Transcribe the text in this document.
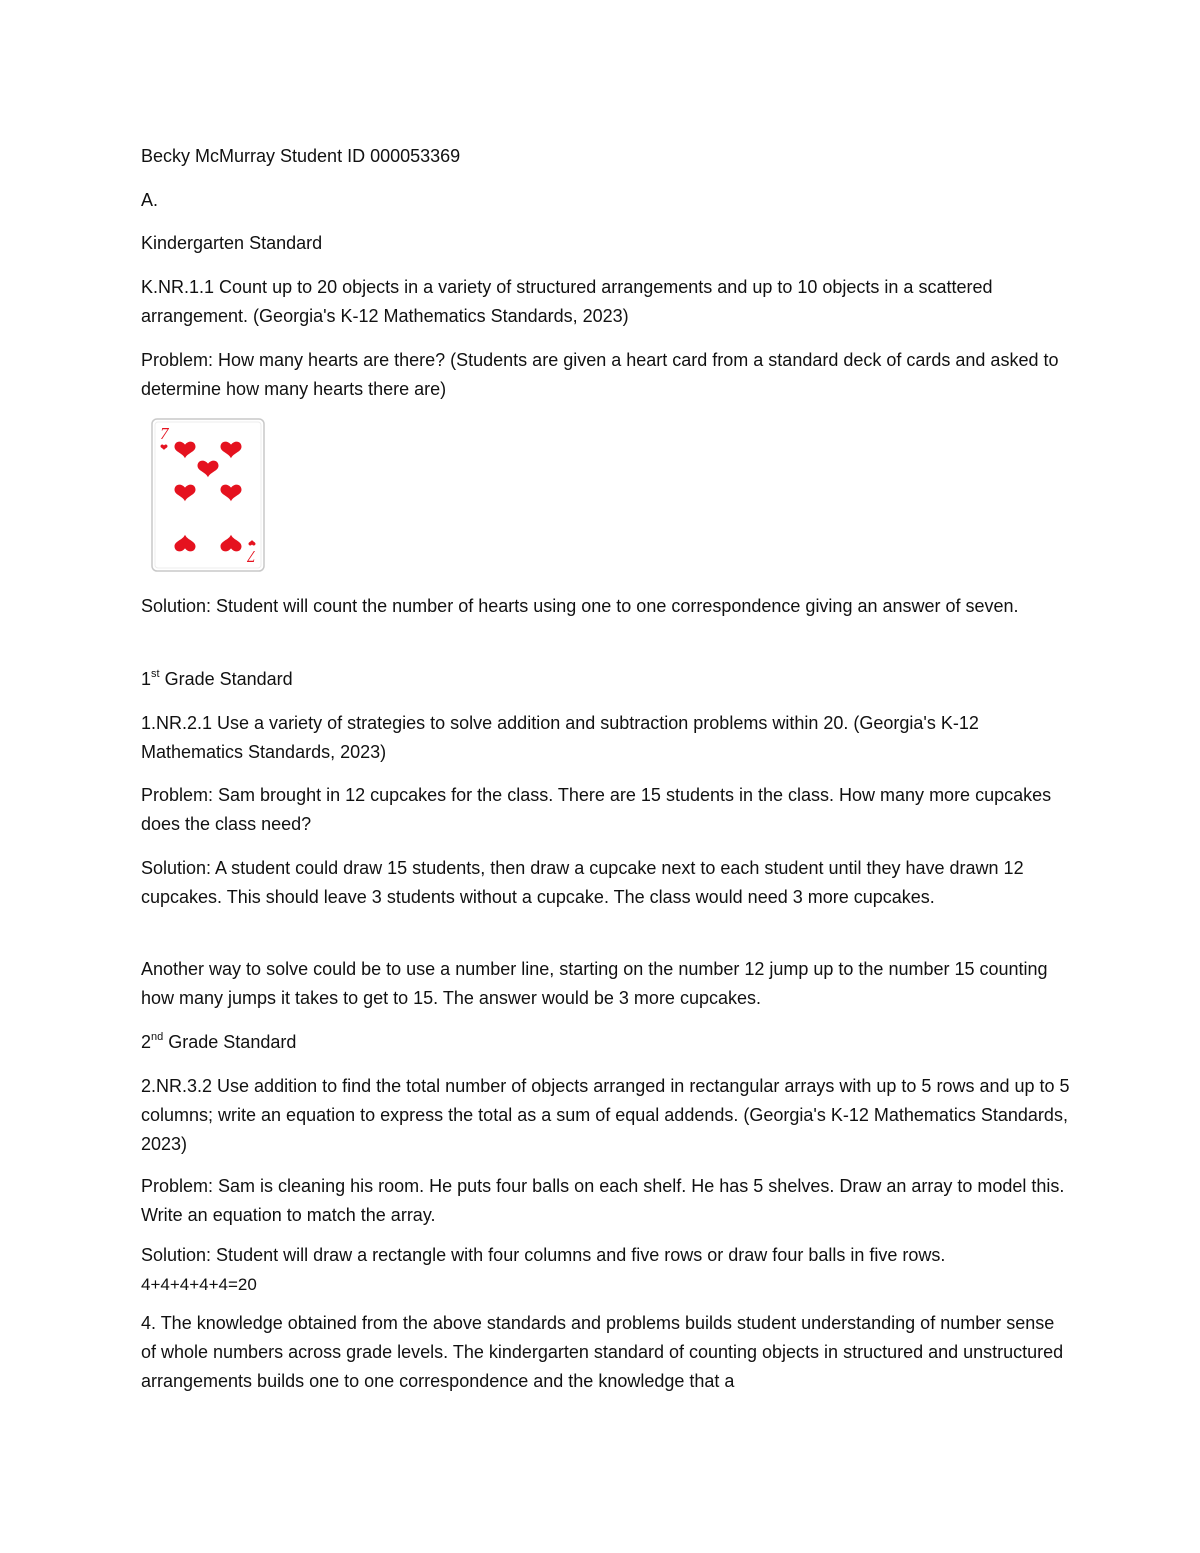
Becky McMurray Student ID 000053369
A.
Kindergarten Standard
K.NR.1.1 Count up to 20 objects in a variety of structured arrangements and up to 10 objects in a scattered arrangement. (Georgia's K-12 Mathematics Standards, 2023)
Problem: How many hearts are there? (Students are given a heart card from a standard deck of cards and asked to determine how many hearts there are)
7
7
Solution: Student will count the number of hearts using one to one correspondence giving an answer of seven.
1st Grade Standard
1.NR.2.1 Use a variety of strategies to solve addition and subtraction problems within 20. (Georgia's K-12 Mathematics Standards, 2023)
Problem: Sam brought in 12 cupcakes for the class. There are 15 students in the class. How many more cupcakes does the class need?
Solution: A student could draw 15 students, then draw a cupcake next to each student until they have drawn 12 cupcakes. This should leave 3 students without a cupcake. The class would need 3 more cupcakes.
Another way to solve could be to use a number line, starting on the number 12 jump up to the number 15 counting how many jumps it takes to get to 15. The answer would be 3 more cupcakes.
2nd Grade Standard
2.NR.3.2 Use addition to find the total number of objects arranged in rectangular arrays with up to 5 rows and up to 5 columns; write an equation to express the total as a sum of equal addends. (Georgia's K-12 Mathematics Standards, 2023)
Problem: Sam is cleaning his room. He puts four balls on each shelf. He has 5 shelves. Draw an array to model this. Write an equation to match the array.
Solution: Student will draw a rectangle with four columns and five rows or draw four balls in five rows.
4+4+4+4+4=20
4. The knowledge obtained from the above standards and problems builds student understanding of number sense of whole numbers across grade levels. The kindergarten standard of counting objects in structured and unstructured arrangements builds one to one correspondence and the knowledge that a
